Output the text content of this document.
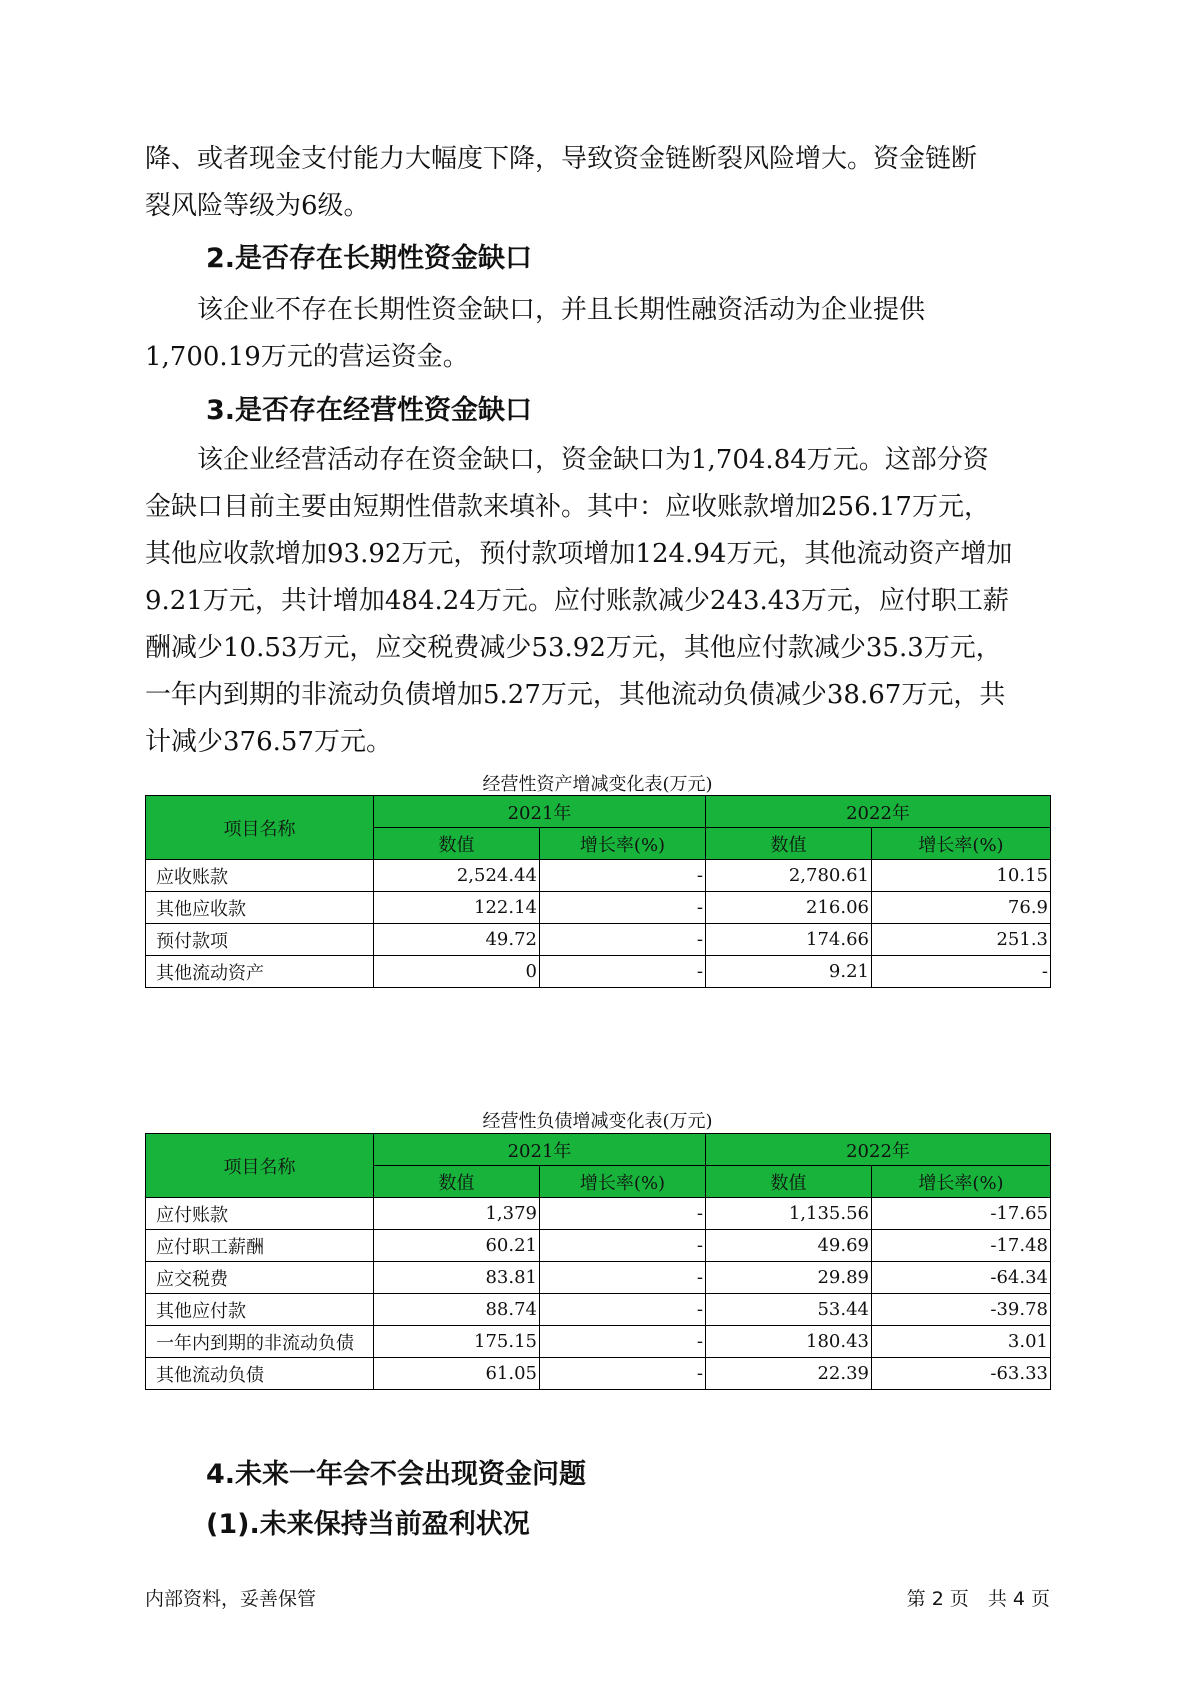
降、或者现金支付能力大幅度下降，导致资金链断裂风险增大。资金链断
裂风险等级为6级。
2.是否存在长期性资金缺口
　　该企业不存在长期性资金缺口，并且长期性融资活动为企业提供
1,700.19万元的营运资金。
3.是否存在经营性资金缺口
　　该企业经营活动存在资金缺口，资金缺口为1,704.84万元。这部分资
金缺口目前主要由短期性借款来填补。其中：应收账款增加256.17万元，
其他应收款增加93.92万元，预付款项增加124.94万元，其他流动资产增加
9.21万元，共计增加484.24万元。应付账款减少243.43万元，应付职工薪
酬减少10.53万元，应交税费减少53.92万元，其他应付款减少35.3万元，
一年内到期的非流动负债增加5.27万元，其他流动负债减少38.67万元，共
计减少376.57万元。
经营性资产增减变化表(万元)
项目名称	2021年		2022年	
	数值	增长率(%)	数值	增长率(%)
应收账款	2,524.44	-	2,780.61	10.15
其他应收款	122.14	-	216.06	76.9
预付款项	49.72	-	174.66	251.3
其他流动资产	0	-	9.21	-
经营性负债增减变化表(万元)
项目名称	2021年		2022年	
	数值	增长率(%)	数值	增长率(%)
应付账款	1,379	-	1,135.56	-17.65
应付职工薪酬	60.21	-	49.69	-17.48
应交税费	83.81	-	29.89	-64.34
其他应付款	88.74	-	53.44	-39.78
一年内到期的非流动负债	175.15	-	180.43	3.01
其他流动负债	61.05	-	22.39	-63.33
4.未来一年会不会出现资金问题
(1).未来保持当前盈利状况
内部资料，妥善保管	第 2 页　共 4 页
